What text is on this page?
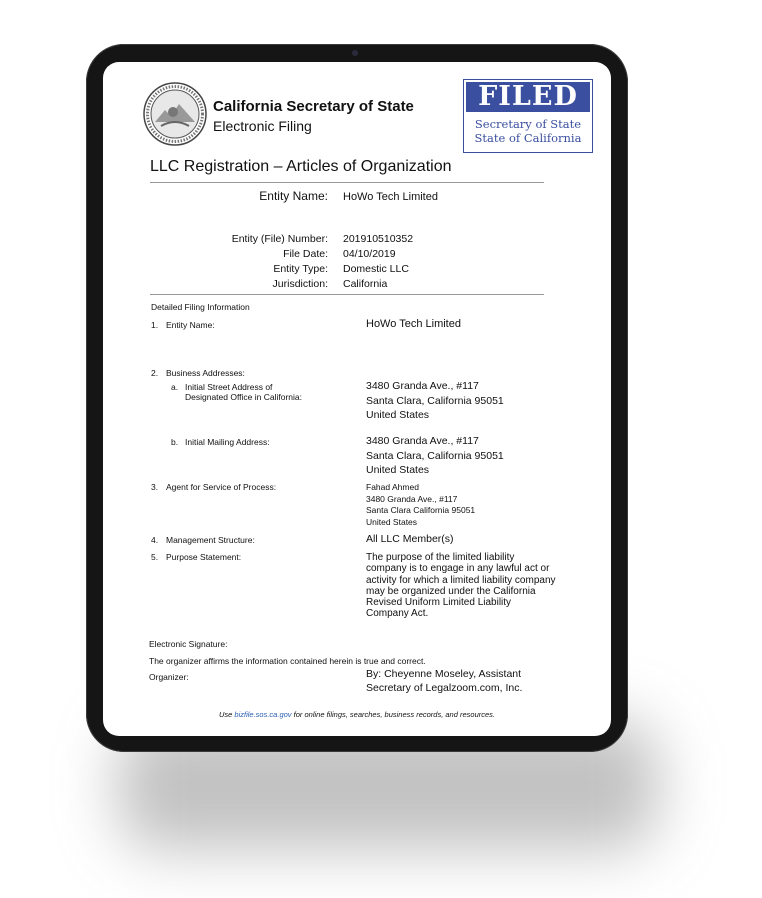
California Secretary of State
Electronic Filing
FILED
Secretary of State
State of California
LLC Registration – Articles of Organization
Entity Name: HoWo Tech Limited
Entity (File) Number: 201910510352
File Date: 04/10/2019
Entity Type: Domestic LLC
Jurisdiction: California
Detailed Filing Information
1. Entity Name:	HoWo Tech Limited
2. Business Addresses:
a. Initial Street Address of
Designated Office in California:
3480 Granda Ave., #117
Santa Clara, California 95051
United States
b. Initial Mailing Address:	3480 Granda Ave., #117
Santa Clara, California 95051
United States
3. Agent for Service of Process:	Fahad Ahmed
3480 Granda Ave., #117
Santa Clara California 95051
United States
4. Management Structure:	All LLC Member(s)
5. Purpose Statement:	The purpose of the limited liability company is to engage in any lawful act or activity for which a limited liability company may be organized under the California Revised Uniform Limited Liability Company Act.
Electronic Signature:
The organizer affirms the information contained herein is true and correct.
Organizer:	By: Cheyenne Moseley, Assistant
Secretary of Legalzoom.com, Inc.
Use bizfile.sos.ca.gov for online filings, searches, business records, and resources.
